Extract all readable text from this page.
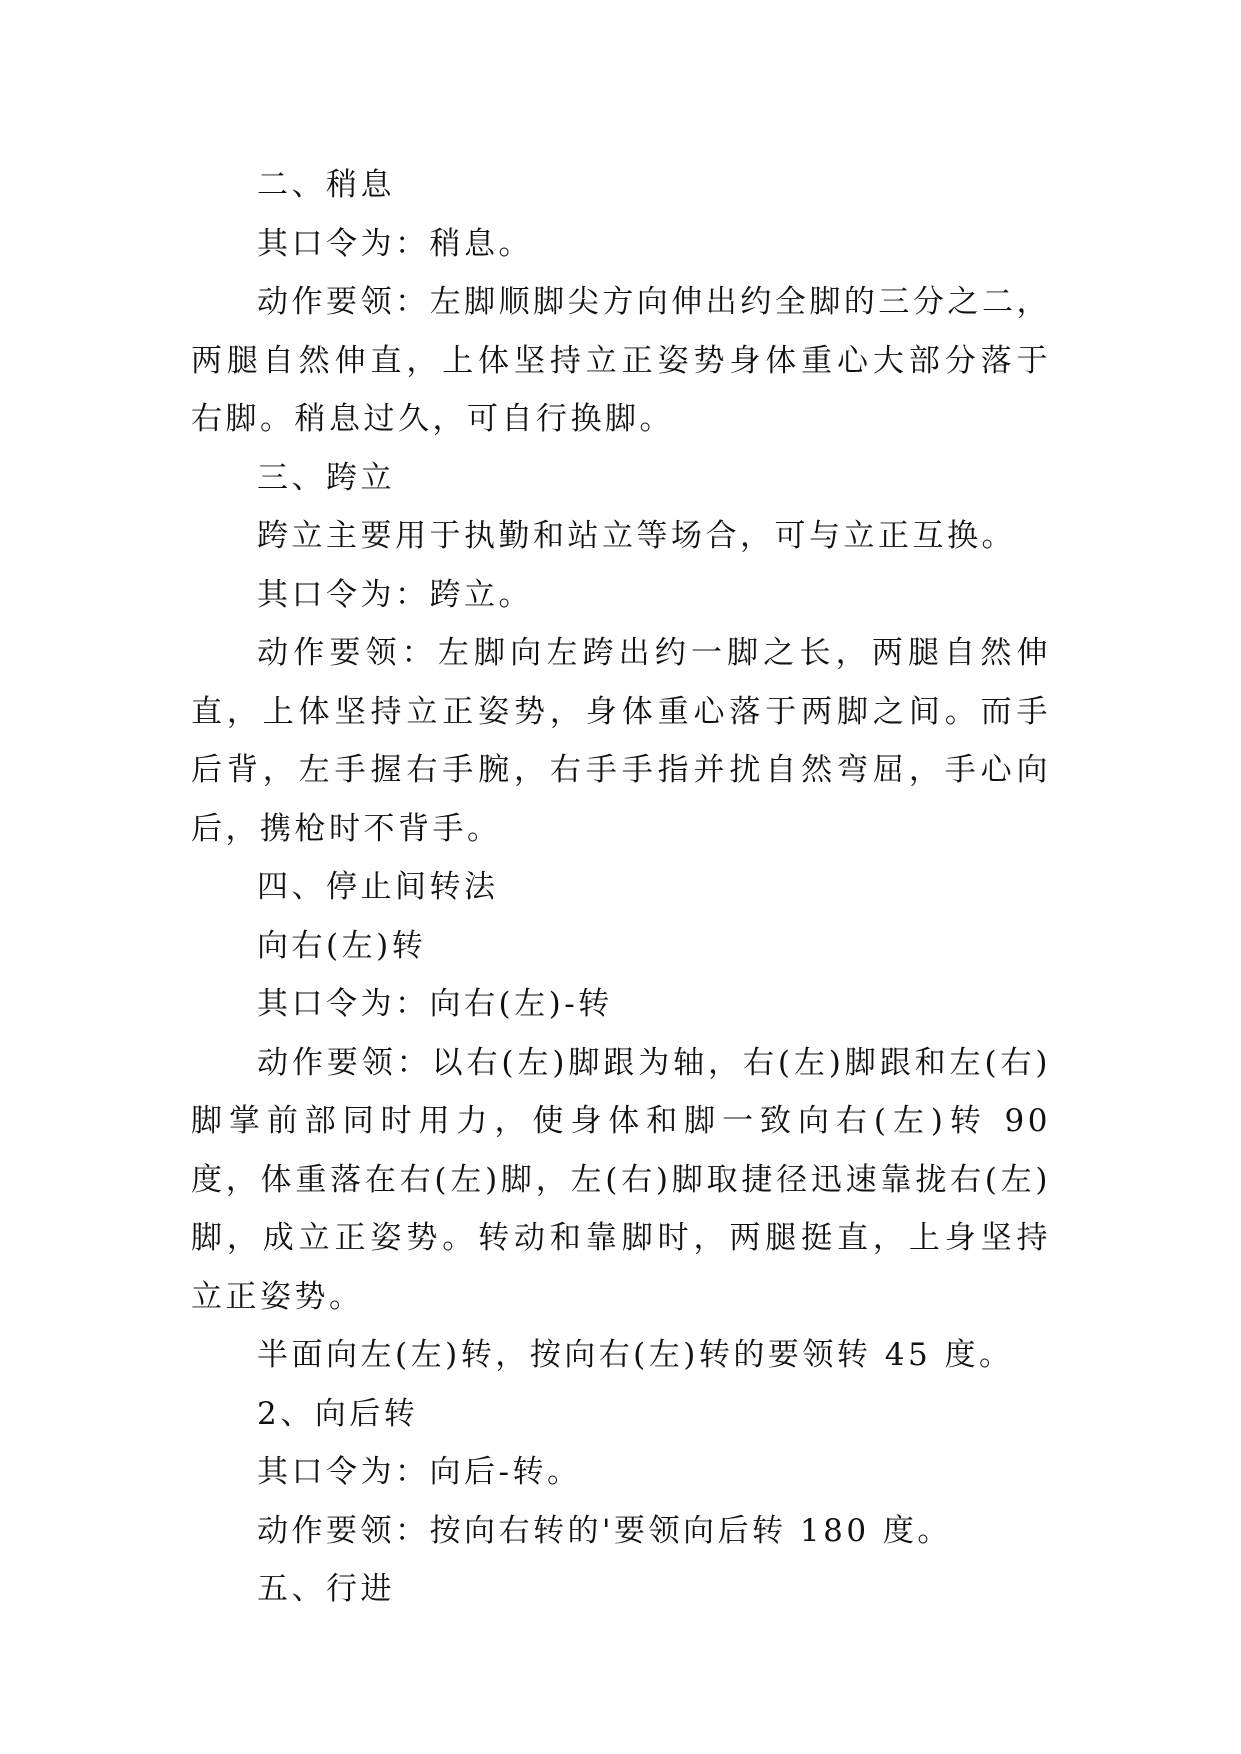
二、稍息

其口令为：稍息。

动作要领：左脚顺脚尖方向伸出约全脚的三分之二，两腿自然伸直，上体坚持立正姿势身体重心大部分落于右脚。稍息过久，可自行换脚。

三、跨立

跨立主要用于执勤和站立等场合，可与立正互换。

其口令为：跨立。

动作要领：左脚向左跨出约一脚之长，两腿自然伸直，上体坚持立正姿势，身体重心落于两脚之间。而手后背，左手握右手腕，右手手指并扰自然弯屈，手心向后，携枪时不背手。

四、停止间转法

向右(左)转

其口令为：向右(左)-转

动作要领：以右(左)脚跟为轴，右(左)脚跟和左(右)脚掌前部同时用力，使身体和脚一致向右(左)转 90 度，体重落在右(左)脚，左(右)脚取捷径迅速靠拢右(左)脚，成立正姿势。转动和靠脚时，两腿挺直，上身坚持立正姿势。

半面向左(左)转，按向右(左)转的要领转 45 度。

2、向后转

其口令为：向后-转。

动作要领：按向右转的'要领向后转 180 度。

五、行进
